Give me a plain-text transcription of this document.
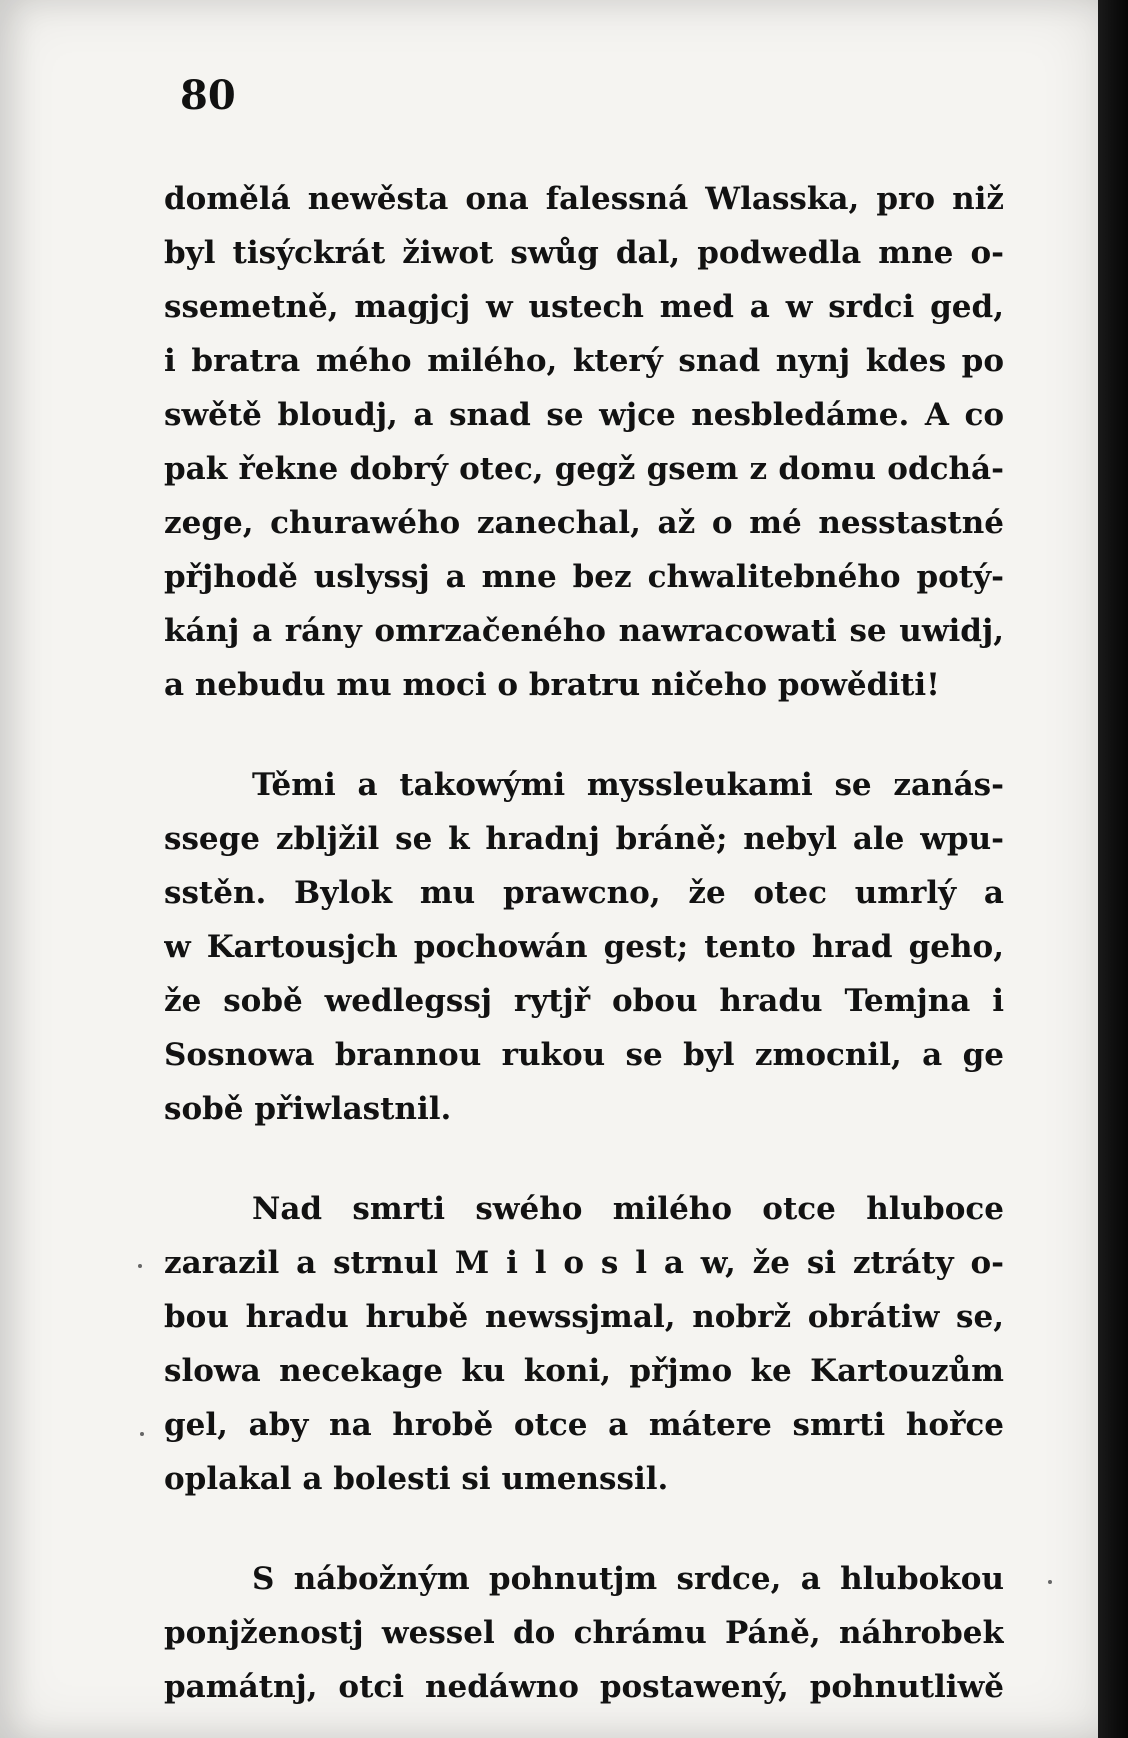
80
domělá newěsta ona falessná Wlasska, pro niž
byl tisýckrát žiwot swůg dal, podwedla mne o-
ssemetně, magjcj w ustech med a w srdci ged,
i bratra mého milého, který snad nynj kdes po
swětě bloudj, a snad se wjce nesbledáme. A co
pak řekne dobrý otec, gegž gsem z domu odchá-
zege, churawého zanechal, až o mé nesstastné
přjhodě uslyssj a mne bez chwalitebného potý-
kánj a rány omrzačeného nawracowati se uwidj,
a nebudu mu moci o bratru ničeho powěditi!
Těmi a takowými myssleukami se zanás-
ssege zbljžil se k hradnj bráně; nebyl ale wpu-
sstěn. Bylok mu prawcno, že otec umrlý a
w Kartousjch pochowán gest; tento hrad geho,
že sobě wedlegssj rytjř obou hradu Temjna i
Sosnowa brannou rukou se byl zmocnil, a ge
sobě přiwlastnil.
Nad smrti swého milého otce hluboce
zarazil a strnul M i l o s l a w, že si ztráty o-
bou hradu hrubě newssjmal, nobrž obrátiw se,
slowa necekage ku koni, přjmo ke Kartouzům
gel, aby na hrobě otce a mátere smrti hořce
oplakal a bolesti si umenssil.
S nábožným pohnutjm srdce, a hlubokou
ponjženostj wessel do chrámu Páně, náhrobek
památnj, otci nedáwno postawený, pohnutliwě
